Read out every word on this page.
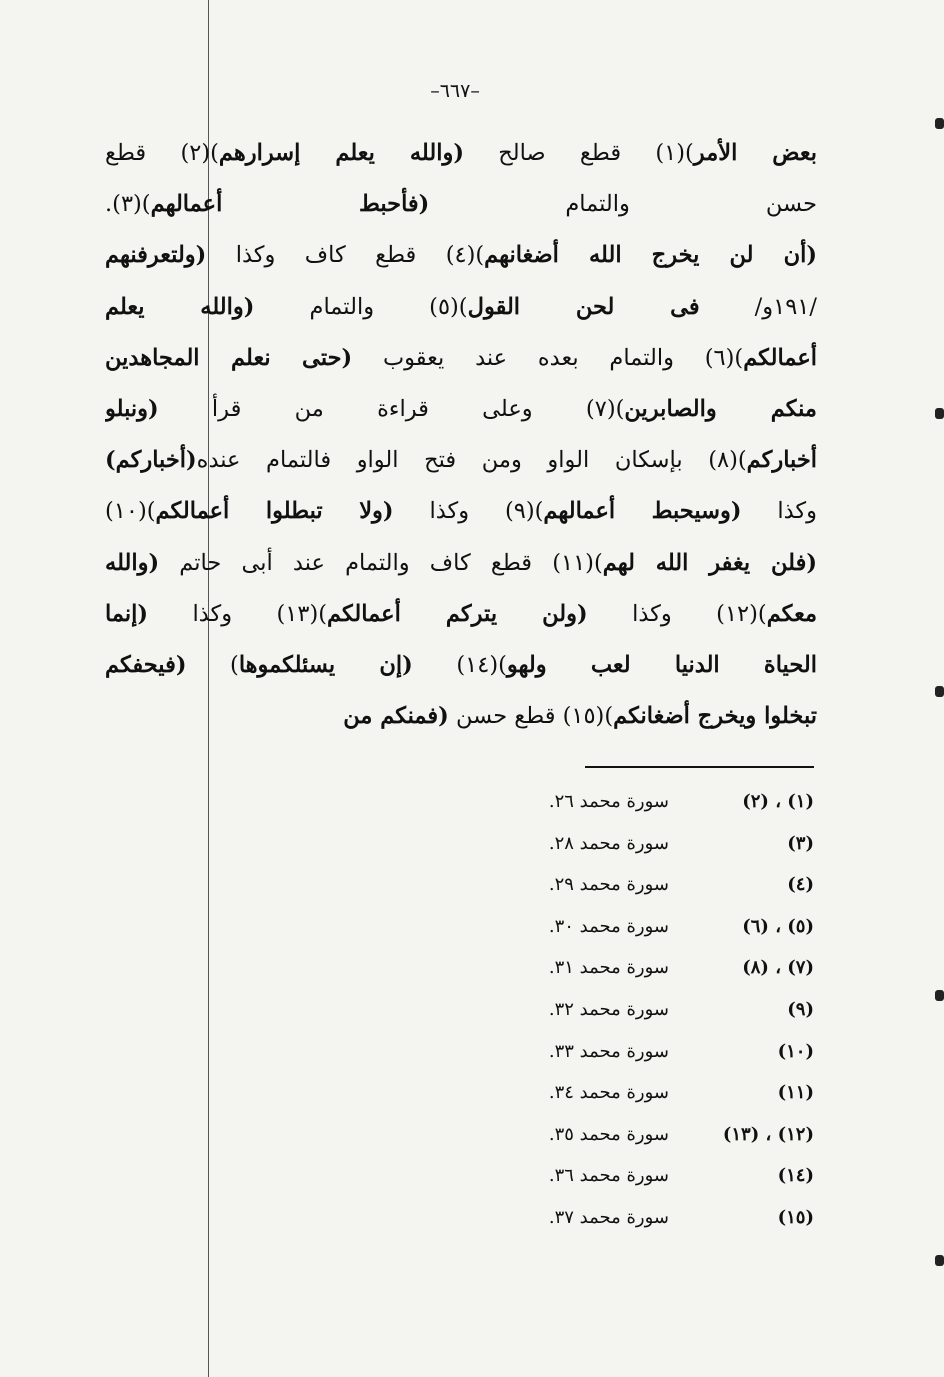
–٦٦٧–
بعض الأمر)(١) قطع صالح (والله يعلم إسرارهم)(٢) قطع
حسن والتمام (فأحبط أعمالهم)(٣).
(أن لن يخرج الله أضغانهم)(٤) قطع كاف وكذا (ولتعرفنهم
/١٩١و/ فى لحن القول)(٥) والتمام (والله يعلم
أعمالكم)(٦) والتمام بعده عند يعقوب (حتى نعلم المجاهدين
منكم والصابرين)(٧) وعلى قراءة من قرأ (ونبلو
أخباركم)(٨) بإسكان الواو ومن فتح الواو فالتمام عنده(أخباركم)
وكذا (وسيحبط أعمالهم)(٩) وكذا (ولا تبطلوا أعمالكم)(١٠)
(فلن يغفر الله لهم)(١١) قطع كاف والتمام عند أبى حاتم (والله
معكم)(١٢) وكذا (ولن يتركم أعمالكم)(١٣) وكذا (إنما
الحياة الدنيا لعب ولهو)(١٤) (إن يسئلكموها) (فيحفكم
تبخلوا ويخرج أضغانكم)(١٥) قطع حسن (فمنكم من
(١) ، (٢)
سورة محمد ٢٦.
(٣)
سورة محمد ٢٨.
(٤)
سورة محمد ٢٩.
(٥) ، (٦)
سورة محمد ٣٠.
(٧) ، (٨)
سورة محمد ٣١.
(٩)
سورة محمد ٣٢.
(١٠)
سورة محمد ٣٣.
(١١)
سورة محمد ٣٤.
(١٢) ، (١٣)
سورة محمد ٣٥.
(١٤)
سورة محمد ٣٦.
(١٥)
سورة محمد ٣٧.
